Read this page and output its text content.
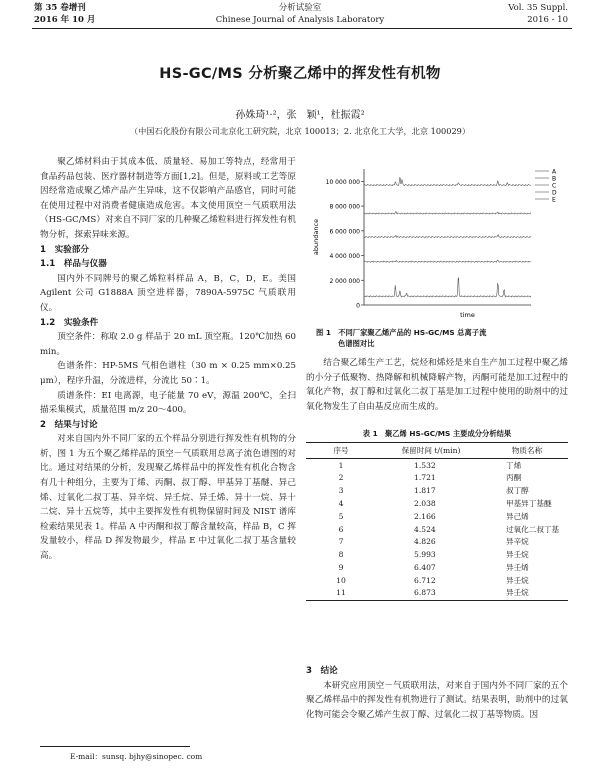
第 35 卷增刊
2016 年 10 月
分析试验室
Chinese Journal of Analysis Laboratory
Vol. 35 Suppl.
2016 - 10
HS-GC/MS 分析聚乙烯中的挥发性有机物
孙姝琦¹·²，张　颖¹，杜振霞²
（中国石化股份有限公司北京化工研究院，北京 100013；2. 北京化工大学，北京 100029）

聚乙烯材料由于其成本低、质量轻、易加工等特点，经常用于食品药品包装、医疗器材制造等方面[1,2]。但是，原料或工艺等原因经常造成聚乙烯产品产生异味，这不仅影响产品感官，同时可能在使用过程中对消费者健康造成危害。本文使用顶空－气质联用法（HS-GC/MS）对来自不同厂家的几种聚乙烯粒料进行挥发性有机物分析，探索异味来源。

1　实验部分

1.1　样品与仪器

国内外不同牌号的聚乙烯粒料样品 A，B，C，D，E。美国 Agilent 公司 G1888A 顶空进样器，7890A-5975C 气质联用仪。

1.2　实验条件

顶空条件：称取 2.0 g 样品于 20 mL 顶空瓶。120℃加热 60 min。

色谱条件：HP-5MS 气相色谱柱（30 m × 0.25 mm×0.25 μm），程序升温，分流进样，分流比 50∶1。

质谱条件：EI 电离源，电子能量 70 eV，源温 200℃，全扫描采集模式，质量范围 m/z 20～400。

2　结果与讨论

对来自国内外不同厂家的五个样品分别进行挥发性有机物的分析，图 1 为五个聚乙烯样品的顶空－气质联用总离子流色谱图的对比。通过对结果的分析，发现聚乙烯样品中的挥发性有机化合物含有几十种组分，主要为丁烯、丙酮、叔丁醇、甲基异丁基醚、异己烯、过氧化二叔丁基、异辛烷、异壬烷、异壬烯、异十一烷、异十二烷、异十五烷等，其中主要挥发性有机物保留时间及 NIST 谱库检索结果见表 1。样品 A 中丙酮和叔丁醇含量较高，样品 B，C 挥发量较小，样品 D 挥发物最少，样品 E 中过氧化二叔丁基含量较高。

10 000 000
8 000 000
6 000 000
4 000 000
2 000 000
0
abundance
time
A
B
C
D
E
图 1　不同厂家聚乙烯产品的 HS-GC/MS 总离子流
色谱图对比

结合聚乙烯生产工艺，烷烃和烯烃是来自生产加工过程中聚乙烯的小分子低聚物、热降解和机械降解产物，丙酮可能是加工过程中的氧化产物，叔丁醇和过氧化二叔丁基是加工过程中使用的助剂中的过氧化物发生了自由基反应而生成的。

表 1　聚乙烯 HS-GC/MS 主要成分分析结果
序号	保留时间 t/(min)	物质名称
1	1.532	丁烯
2	1.721	丙酮
3	1.817	叔丁醇
4	2.038	甲基异丁基醚
5	2.166	异己烯
6	4.524	过氧化二叔丁基
7	4.826	异辛烷
8	5.993	异壬烷
9	6.407	异壬烯
10	6.712	异壬烷
11	6.873	异壬烷

3　结论

本研究应用顶空－气质联用法，对来自于国内外不同厂家的五个聚乙烯样品中的挥发性有机物进行了测试。结果表明，助剂中的过氧化物可能会令聚乙烯产生叔丁醇、过氧化二叔丁基等物质。因

E-mail：sunsq. bjhy@sinopec. com
